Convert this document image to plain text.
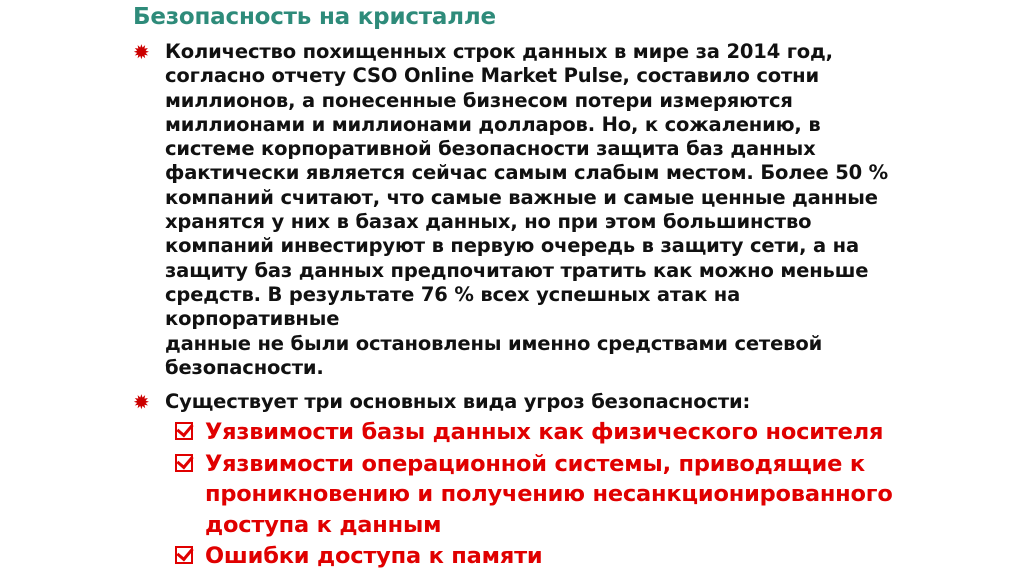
Безопасность на кристалле
✹ Количество похищенных строк данных в мире за 2014 год,
согласно отчету CSO Online Market Pulse, составило сотни
миллионов, а понесенные бизнесом потери измеряются
миллионами и миллионами долларов. Но, к сожалению, в
системе корпоративной безопасности защита баз данных
фактически является сейчас самым слабым местом. Более 50 %
компаний считают, что самые важные и самые ценные данные
хранятся у них в базах данных, но при этом большинство
компаний инвестируют в первую очередь в защиту сети, а на
защиту баз данных предпочитают тратить как можно меньше
средств. В результате 76 % всех успешных атак на корпоративные
данные не были остановлены именно средствами сетевой
безопасности.
✹ Существует три основных вида угроз безопасности:
Уязвимости базы данных как физического носителя
Уязвимости операционной системы, приводящие к
проникновению и получению несанкционированного
доступа к данным
Ошибки доступа к памяти
